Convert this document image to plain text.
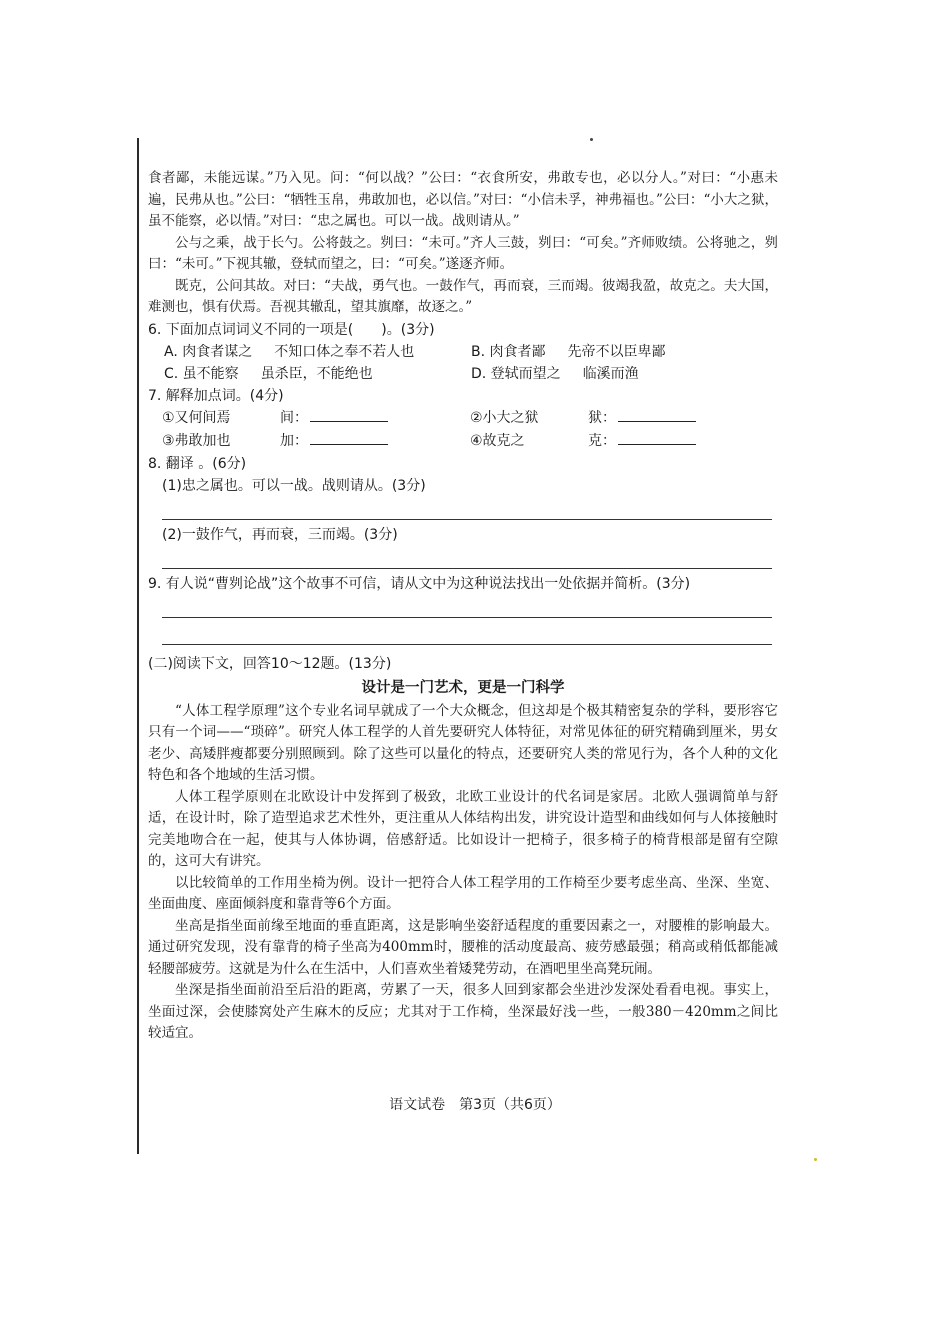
食者鄙，未能远谋。”乃入见。问：“何以战？”公曰：“衣食所安，弗敢专也，必以分人。”对曰：“小惠未遍，民弗从也。”公曰：“牺牲玉帛，弗敢加也，必以信。”对曰：“小信未孚，神弗福也。”公曰：“小大之狱，虽不能察，必以情。”对曰：“忠之属也。可以一战。战则请从。”

公与之乘，战于长勺。公将鼓之。刿曰：“未可。”齐人三鼓，刿曰：“可矣。”齐师败绩。公将驰之，刿曰：“未可。”下视其辙，登轼而望之，曰：“可矣。”遂逐齐师。

既克，公问其故。对曰：“夫战，勇气也。一鼓作气，再而衰，三而竭。彼竭我盈，故克之。夫大国，难测也，惧有伏焉。吾视其辙乱，望其旗靡，故逐之。”

6. 下面加点词词义不同的一项是(　　)。(3分)

A. 肉食者谋之 不知口体之奉不若人也	B. 肉食者鄙 先帝不以臣卑鄙
C. 虽不能察 虽杀臣，不能绝也	D. 登轼而望之 临溪而渔

7. 解释加点词。(4分)

①又何间焉	间：	②小大之狱	狱：
③弗敢加也	加：	④故克之	克：

8. 翻译 。(6分)

(1)忠之属也。可以一战。战则请从。(3分)

(2)一鼓作气，再而衰，三而竭。(3分)

9. 有人说“曹刿论战”这个故事不可信，请从文中为这种说法找出一处依据并简析。(3分)

(二)阅读下文，回答10～12题。(13分)

设计是一门艺术，更是一门科学

“人体工程学原理”这个专业名词早就成了一个大众概念，但这却是个极其精密复杂的学科，要形容它只有一个词——“琐碎”。研究人体工程学的人首先要研究人体特征，对常见体征的研究精确到厘米，男女老少、高矮胖瘦都要分别照顾到。除了这些可以量化的特点，还要研究人类的常见行为，各个人种的文化特色和各个地域的生活习惯。

人体工程学原则在北欧设计中发挥到了极致，北欧工业设计的代名词是家居。北欧人强调简单与舒适，在设计时，除了造型追求艺术性外，更注重从人体结构出发，讲究设计造型和曲线如何与人体接触时完美地吻合在一起，使其与人体协调，倍感舒适。比如设计一把椅子，很多椅子的椅背根部是留有空隙的，这可大有讲究。

以比较简单的工作用坐椅为例。设计一把符合人体工程学用的工作椅至少要考虑坐高、坐深、坐宽、坐面曲度、座面倾斜度和靠背等6个方面。

坐高是指坐面前缘至地面的垂直距离，这是影响坐姿舒适程度的重要因素之一，对腰椎的影响最大。通过研究发现，没有靠背的椅子坐高为400mm时，腰椎的活动度最高、疲劳感最强；稍高或稍低都能减轻腰部疲劳。这就是为什么在生活中，人们喜欢坐着矮凳劳动，在酒吧里坐高凳玩闹。

坐深是指坐面前沿至后沿的距离，劳累了一天，很多人回到家都会坐进沙发深处看看电视。事实上，坐面过深，会使膝窝处产生麻木的反应；尤其对于工作椅，坐深最好浅一些，一般380－420mm之间比较适宜。

语文试卷　第3页（共6页）
